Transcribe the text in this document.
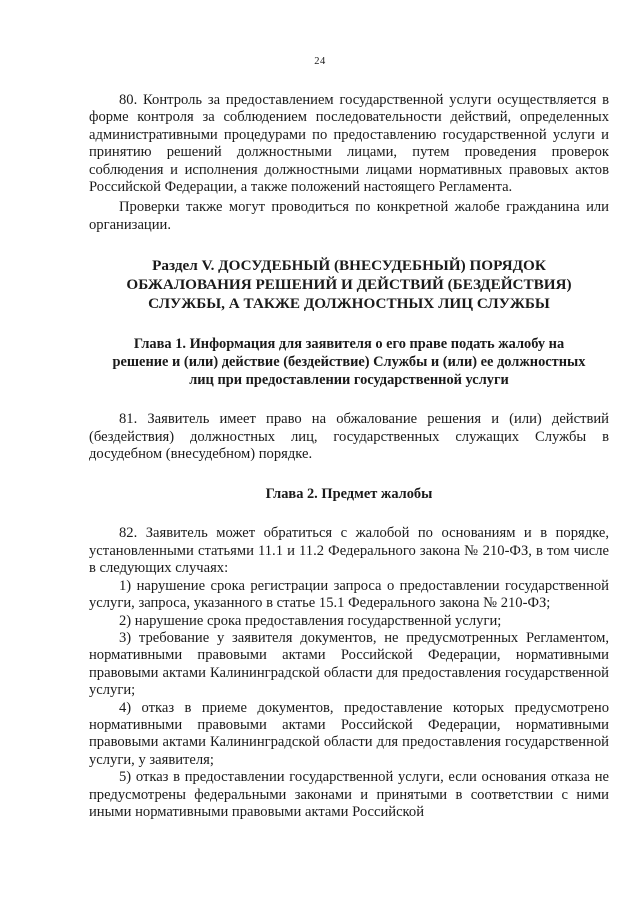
24

80. Контроль за предоставлением государственной услуги осуществляется в форме контроля за соблюдением последовательности действий, определенных административными процедурами по предоставлению государственной услуги и принятию решений должностными лицами, путем проведения проверок соблюдения и исполнения должностными лицами нормативных правовых актов Российской Федерации, а также положений настоящего Регламента.

Проверки также могут проводиться по конкретной жалобе гражданина или организации.

Раздел V. ДОСУДЕБНЫЙ (ВНЕСУДЕБНЫЙ) ПОРЯДОК ОБЖАЛОВАНИЯ РЕШЕНИЙ И ДЕЙСТВИЙ (БЕЗДЕЙСТВИЯ) СЛУЖБЫ, А ТАКЖЕ ДОЛЖНОСТНЫХ ЛИЦ СЛУЖБЫ
Глава 1. Информация для заявителя о его праве подать жалобу на решение и (или) действие (бездействие) Службы и (или) ее должностных лиц при предоставлении государственной услуги

81. Заявитель имеет право на обжалование решения и (или) действий (бездействия) должностных лиц, государственных служащих Службы в досудебном (внесудебном) порядке.

Глава 2. Предмет жалобы

82. Заявитель может обратиться с жалобой по основаниям и в порядке, установленными статьями 11.1 и 11.2 Федерального закона № 210-ФЗ, в том числе в следующих случаях:

1) нарушение срока регистрации запроса о предоставлении государственной услуги, запроса, указанного в статье 15.1 Федерального закона № 210-ФЗ;

2) нарушение срока предоставления государственной услуги;

3) требование у заявителя документов, не предусмотренных Регламентом, нормативными правовыми актами Российской Федерации, нормативными правовыми актами Калининградской области для предоставления государственной услуги;

4) отказ в приеме документов, предоставление которых предусмотрено нормативными правовыми актами Российской Федерации, нормативными правовыми актами Калининградской области для предоставления государственной услуги, у заявителя;

5) отказ в предоставлении государственной услуги, если основания отказа не предусмотрены федеральными законами и принятыми в соответствии с ними иными нормативными правовыми актами Российской
